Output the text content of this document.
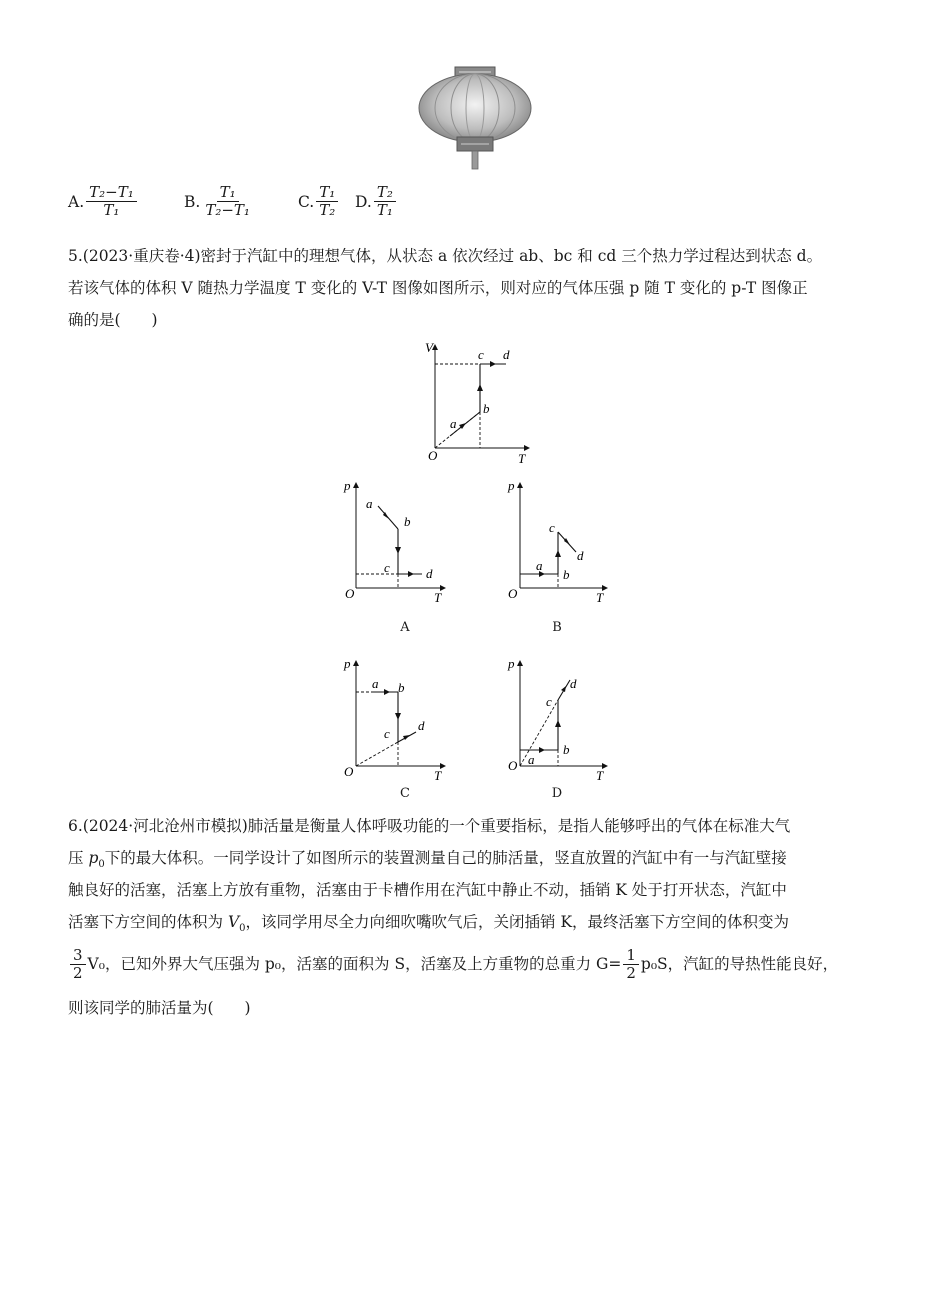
A. $\frac{\text{T₂−T₁}}{\text{T₁}}$	B. $\frac{\text{T₁}}{\text{T₂−T₁}}$	C. $\frac{\text{T₁}}{\text{T₂}} D$. $\frac{\text{T₂}}{\text{T₁}}$
5.(2023·重庆卷·4)密封于汽缸中的理想气体，从状态 a 依次经过 ab、bc 和 cd 三个热力学过程达到状态 d。
若该气体的体积 V 随热力学温度 T 变化的 V-T 图像如图所示，则对应的气体压强 p 随 T 变化的 p-T 图像正
确的是(　　)
V
T
O
a
b
c d
p
T
O
a
b
c	d
A
p
T
O
a
b
c
d
B
p
T
O
a b
c
d
C
p
T
O a
b
c
d
D
6.(2024·河北沧州市模拟)肺活量是衡量人体呼吸功能的一个重要指标，是指人能够呼出的气体在标准大气
压 $p_0$下的最大体积。一同学设计了如图所示的装置测量自己的肺活量，竖直放置的汽缸中有一与汽缸壁接
触良好的活塞，活塞上方放有重物，活塞由于卡槽作用在汽缸中静止不动，插销 K 处于打开状态，汽缸中
活塞下方空间的体积为 $V_0$，该同学用尽全力向细吹嘴吹气后，关闭插销 K，最终活塞下方空间的体积变为
$\frac{3}{2} V_0$，已知外界大气压强为 p₀，活塞的面积为 S，活塞及上方重物的总重力 $G= \frac{1}{2} p_0S$，汽缸的导热性能良好，
则该同学的肺活量为(　　)
